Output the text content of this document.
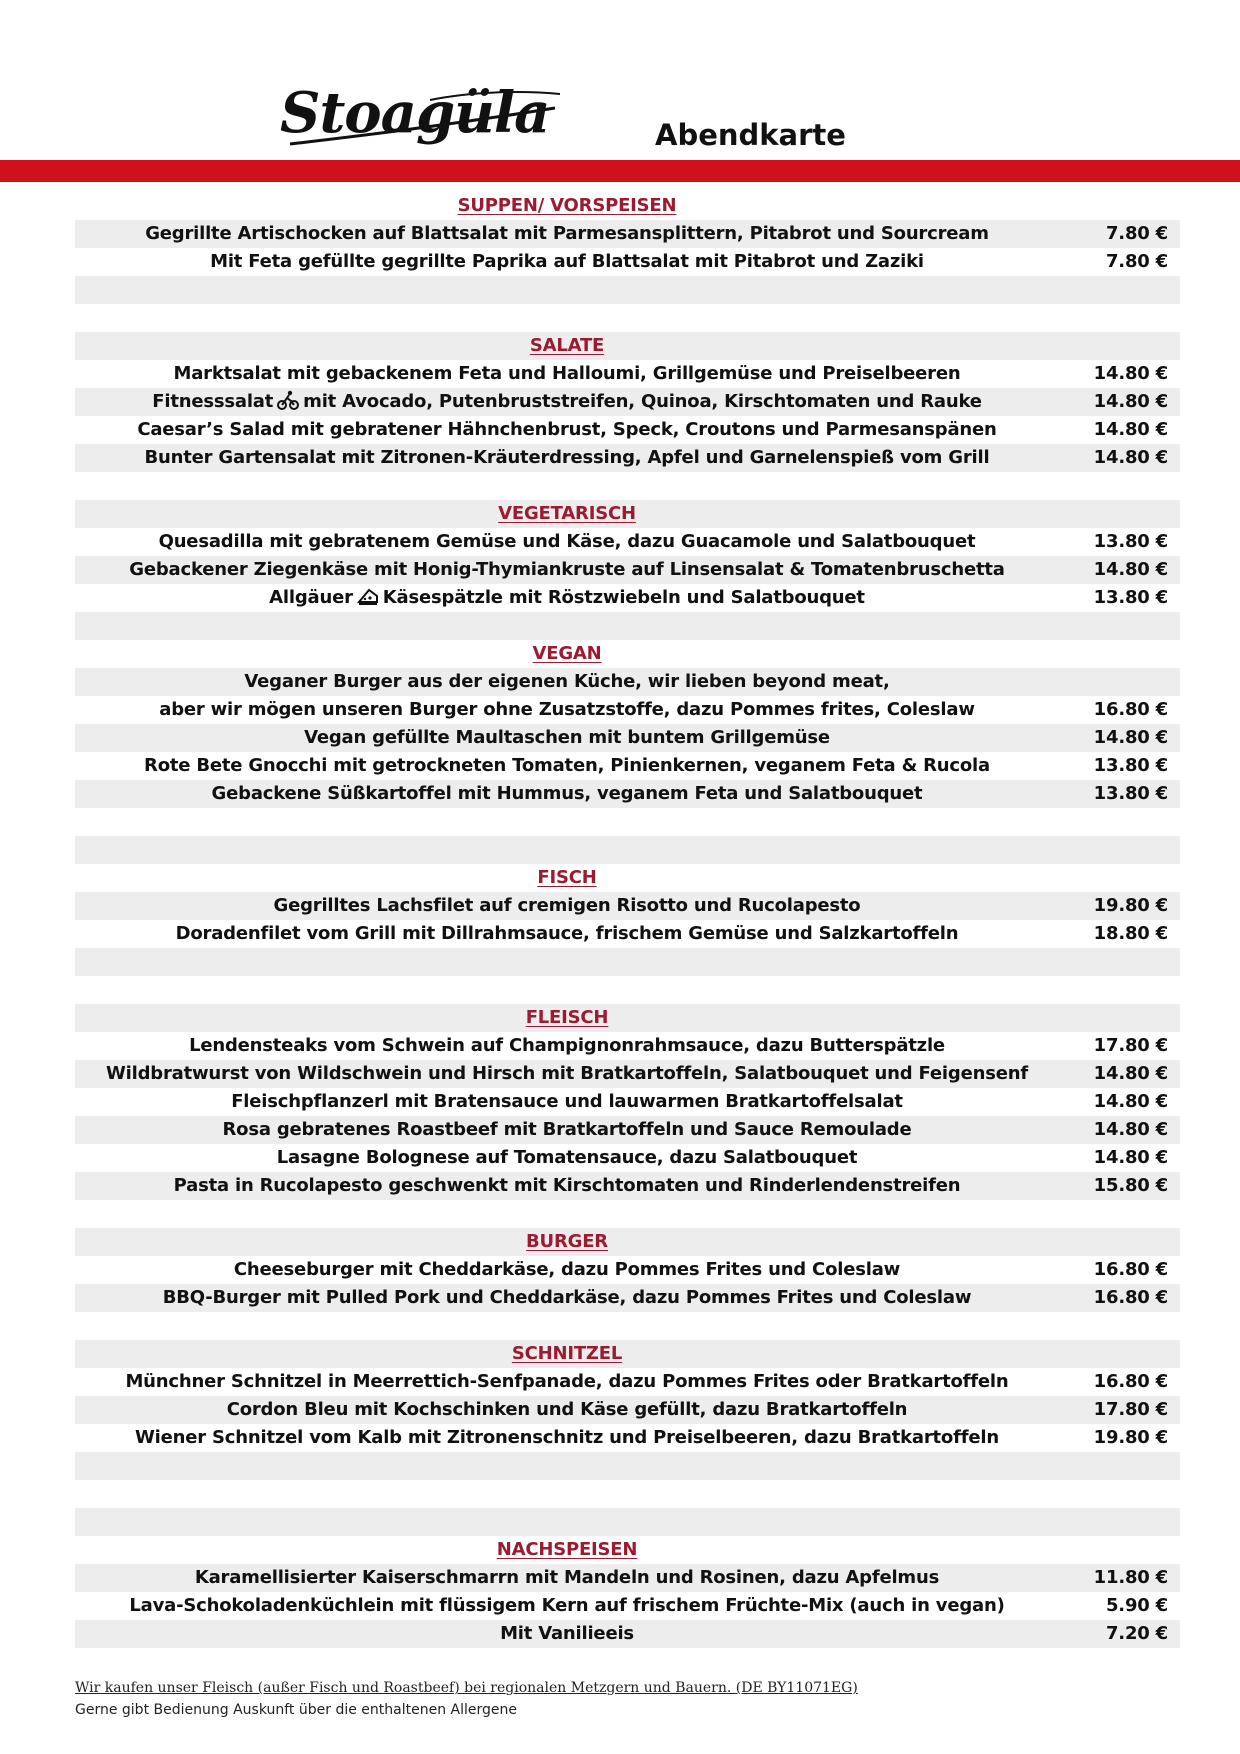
Stoagüla	Abendkarte
SUPPEN/ VORSPEISEN
Gegrillte Artischocken auf Blattsalat mit Parmesansplittern, Pitabrot und Sourcream	7.80 €
Mit Feta gefüllte gegrillte Paprika auf Blattsalat mit Pitabrot und Zaziki	7.80 €
SALATE
Marktsalat mit gebackenem Feta und Halloumi, Grillgemüse und Preiselbeeren	14.80 €
Fitnesssalat mit Avocado, Putenbruststreifen, Quinoa, Kirschtomaten und Rauke	14.80 €
Caesar’s Salad mit gebratener Hähnchenbrust, Speck, Croutons und Parmesanspänen	14.80 €
Bunter Gartensalat mit Zitronen-Kräuterdressing, Apfel und Garnelenspieß vom Grill	14.80 €
VEGETARISCH
Quesadilla mit gebratenem Gemüse und Käse, dazu Guacamole und Salatbouquet	13.80 €
Gebackener Ziegenkäse mit Honig-Thymiankruste auf Linsensalat & Tomatenbruschetta	14.80 €
Allgäuer Käsespätzle mit Röstzwiebeln und Salatbouquet	13.80 €
VEGAN
Veganer Burger aus der eigenen Küche, wir lieben beyond meat,
aber wir mögen unseren Burger ohne Zusatzstoffe, dazu Pommes frites, Coleslaw	16.80 €
Vegan gefüllte Maultaschen mit buntem Grillgemüse	14.80 €
Rote Bete Gnocchi mit getrockneten Tomaten, Pinienkernen, veganem Feta & Rucola	13.80 €
Gebackene Süßkartoffel mit Hummus, veganem Feta und Salatbouquet	13.80 €
FISCH
Gegrilltes Lachsfilet auf cremigen Risotto und Rucolapesto	19.80 €
Doradenfilet vom Grill mit Dillrahmsauce, frischem Gemüse und Salzkartoffeln	18.80 €
FLEISCH
Lendensteaks vom Schwein auf Champignonrahmsauce, dazu Butterspätzle	17.80 €
Wildbratwurst von Wildschwein und Hirsch mit Bratkartoffeln, Salatbouquet und Feigensenf	14.80 €
Fleischpflanzerl mit Bratensauce und lauwarmen Bratkartoffelsalat	14.80 €
Rosa gebratenes Roastbeef mit Bratkartoffeln und Sauce Remoulade	14.80 €
Lasagne Bolognese auf Tomatensauce, dazu Salatbouquet	14.80 €
Pasta in Rucolapesto geschwenkt mit Kirschtomaten und Rinderlendenstreifen	15.80 €
BURGER
Cheeseburger mit Cheddarkäse, dazu Pommes Frites und Coleslaw	16.80 €
BBQ-Burger mit Pulled Pork und Cheddarkäse, dazu Pommes Frites und Coleslaw	16.80 €
SCHNITZEL
Münchner Schnitzel in Meerrettich-Senfpanade, dazu Pommes Frites oder Bratkartoffeln	16.80 €
Cordon Bleu mit Kochschinken und Käse gefüllt, dazu Bratkartoffeln	17.80 €
Wiener Schnitzel vom Kalb mit Zitronenschnitz und Preiselbeeren, dazu Bratkartoffeln	19.80 €
NACHSPEISEN
Karamellisierter Kaiserschmarrn mit Mandeln und Rosinen, dazu Apfelmus	11.80 €
Lava-Schokoladenküchlein mit flüssigem Kern auf frischem Früchte-Mix (auch in vegan)	5.90 €
Mit Vanilieeis	7.20 €
Wir kaufen unser Fleisch (außer Fisch und Roastbeef) bei regionalen Metzgern und Bauern. (DE BY11071EG)
Gerne gibt Bedienung Auskunft über die enthaltenen Allergene
